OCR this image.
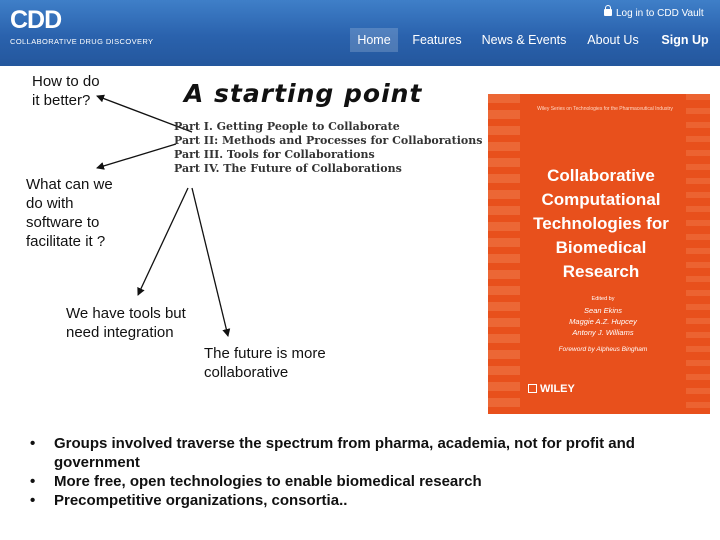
CDD
COLLABORATIVE DRUG DISCOVERY
Log in to CDD Vault
Home	Features	News & Events	About Us	Sign Up
How to do
it better?	A starting point
Part I. Getting People to Collaborate
Part II: Methods and Processes for Collaborations
Part III. Tools for Collaborations
Part IV. The Future of Collaborations
What can we
do with
software to
facilitate it ?
We have tools but
need integration
The future is more
collaborative
Wiley Series on Technologies for the Pharmaceutical Industry
Collaborative
Computational
Technologies for
Biomedical
Research
Edited by
Sean Ekins
Maggie A.Z. Hupcey
Antony J. Williams
Foreword by Alpheus Bingham
WILEY
• Groups involved traverse the spectrum from pharma, academia, not for profit and government
• More free, open technologies to enable biomedical research
• Precompetitive organizations, consortia..
